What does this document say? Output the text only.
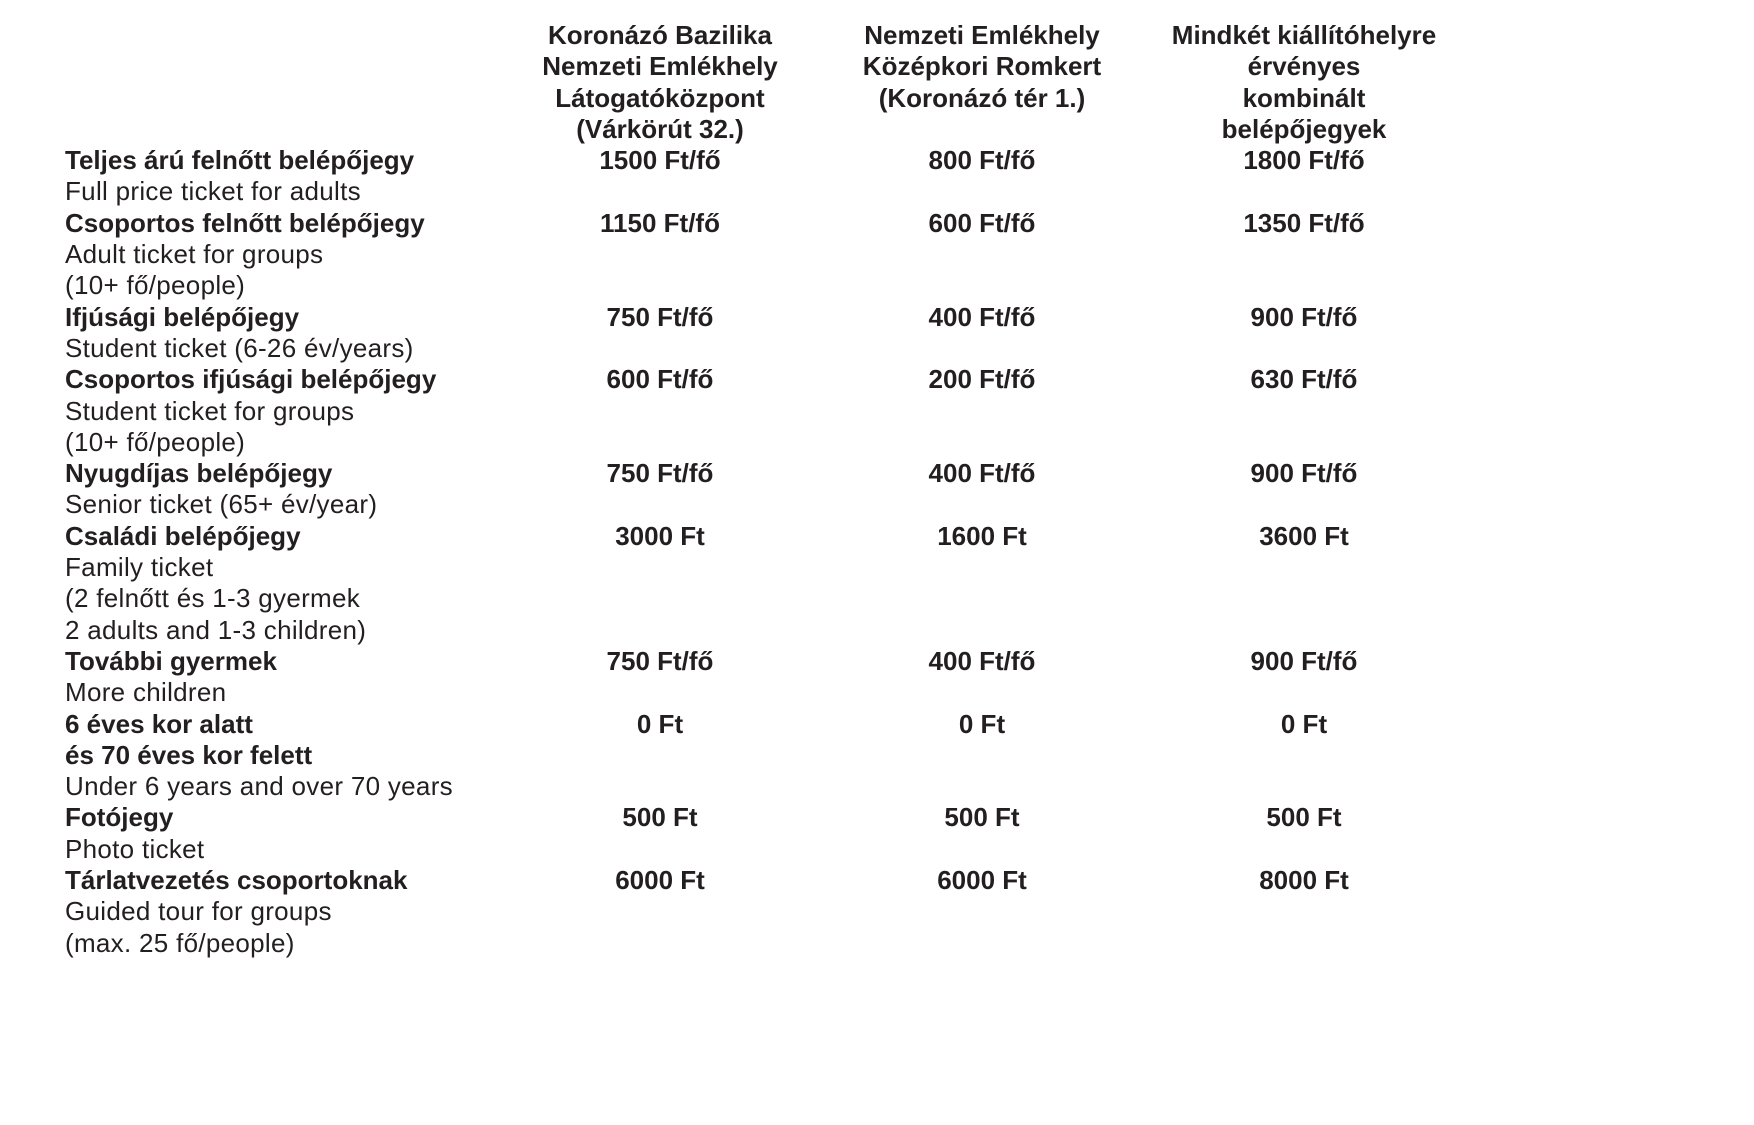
Koronázó Bazilika
Nemzeti Emlékhely
Látogatóközpont
(Várkörút 32.)

Nemzeti Emlékhely
Középkori Romkert
(Koronázó tér 1.)

Mindkét kiállítóhelyre
érvényes
kombinált
belépőjegyek

Teljes árú felnőtt belépőjegy
Full price ticket for adults	1500 Ft/fő	800 Ft/fő	1800 Ft/fő

Csoportos felnőtt belépőjegy
Adult ticket for groups
(10+ fő/people)	1150 Ft/fő	600 Ft/fő	1350 Ft/fő

Ifjúsági belépőjegy
Student ticket (6-26 év/years)	750 Ft/fő	400 Ft/fő	900 Ft/fő

Csoportos ifjúsági belépőjegy
Student ticket for groups
(10+ fő/people)	600 Ft/fő	200 Ft/fő	630 Ft/fő

Nyugdíjas belépőjegy
Senior ticket (65+ év/year)	750 Ft/fő	400 Ft/fő	900 Ft/fő

Családi belépőjegy
Family ticket
(2 felnőtt és 1-3 gyermek
2 adults and 1-3 children)	3000 Ft	1600 Ft	3600 Ft

További gyermek
More children	750 Ft/fő	400 Ft/fő	900 Ft/fő

6 éves kor alatt
és 70 éves kor felett
Under 6 years and over 70 years	0 Ft	0 Ft	0 Ft

Fotójegy
Photo ticket	500 Ft	500 Ft	500 Ft

Tárlatvezetés csoportoknak
Guided tour for groups
(max. 25 fő/people)	6000 Ft	6000 Ft	8000 Ft
